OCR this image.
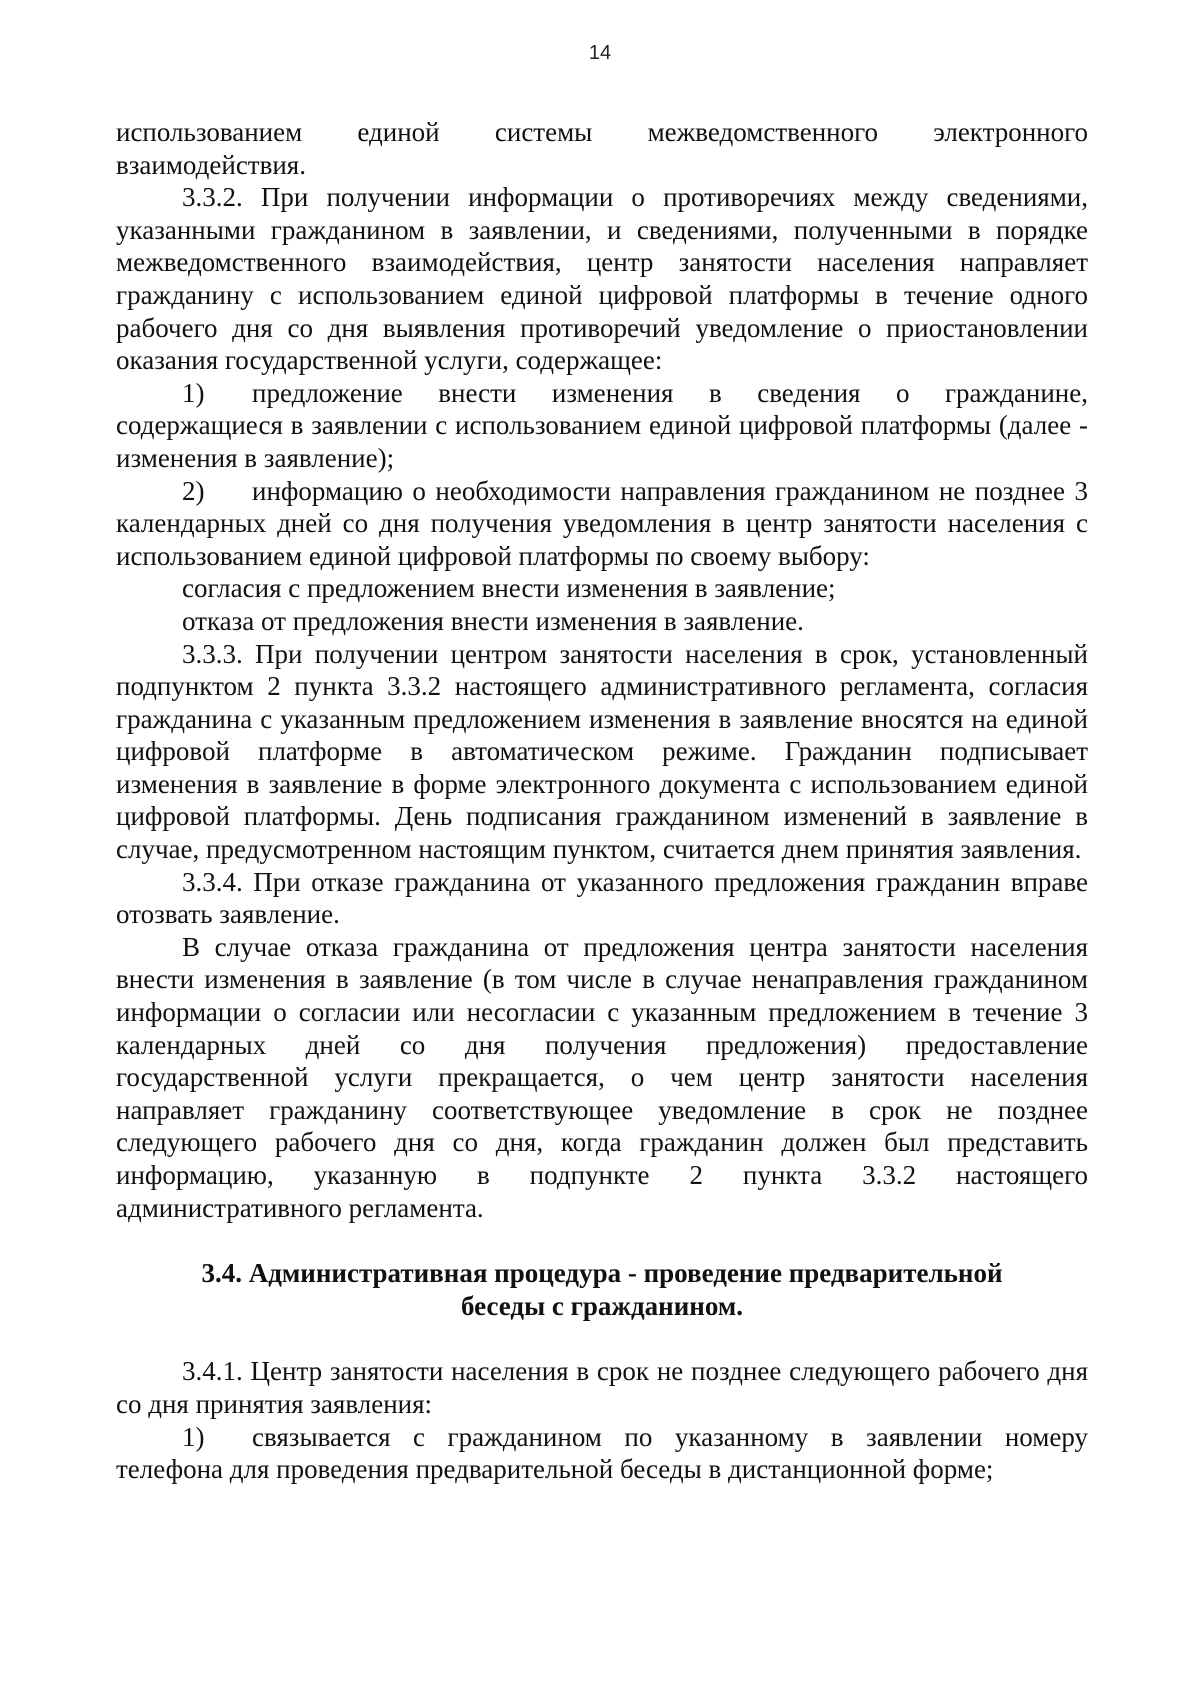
14

использованием единой системы межведомственного электронного взаимодействия.

3.3.2. При получении информации о противоречиях между сведениями, указанными гражданином в заявлении, и сведениями, полученными в порядке межведомственного взаимодействия, центр занятости населения направляет гражданину с использованием единой цифровой платформы в течение одного рабочего дня со дня выявления противоречий уведомление о приостановлении оказания государственной услуги, содержащее:

1) предложение внести изменения в сведения о гражданине, содержащиеся в заявлении с использованием единой цифровой платформы (далее - изменения в заявление);

2) информацию о необходимости направления гражданином не позднее 3 календарных дней со дня получения уведомления в центр занятости населения с использованием единой цифровой платформы по своему выбору:

согласия с предложением внести изменения в заявление;

отказа от предложения внести изменения в заявление.

3.3.3. При получении центром занятости населения в срок, установленный подпунктом 2 пункта 3.3.2 настоящего административного регламента, согласия гражданина с указанным предложением изменения в заявление вносятся на единой цифровой платформе в автоматическом режиме. Гражданин подписывает изменения в заявление в форме электронного документа с использованием единой цифровой платформы. День подписания гражданином изменений в заявление в случае, предусмотренном настоящим пунктом, считается днем принятия заявления.

3.3.4. При отказе гражданина от указанного предложения гражданин вправе отозвать заявление.

В случае отказа гражданина от предложения центра занятости населения внести изменения в заявление (в том числе в случае ненаправления гражданином информации о согласии или несогласии с указанным предложением в течение 3 календарных дней со дня получения предложения) предоставление государственной услуги прекращается, о чем центр занятости населения направляет гражданину соответствующее уведомление в срок не позднее следующего рабочего дня со дня, когда гражданин должен был представить информацию, указанную в подпункте 2 пункта 3.3.2 настоящего административного регламента.

3.4. Административная процедура - проведение предварительной беседы с гражданином.

3.4.1. Центр занятости населения в срок не позднее следующего рабочего дня со дня принятия заявления:

1) связывается с гражданином по указанному в заявлении номеру телефона для проведения предварительной беседы в дистанционной форме;
